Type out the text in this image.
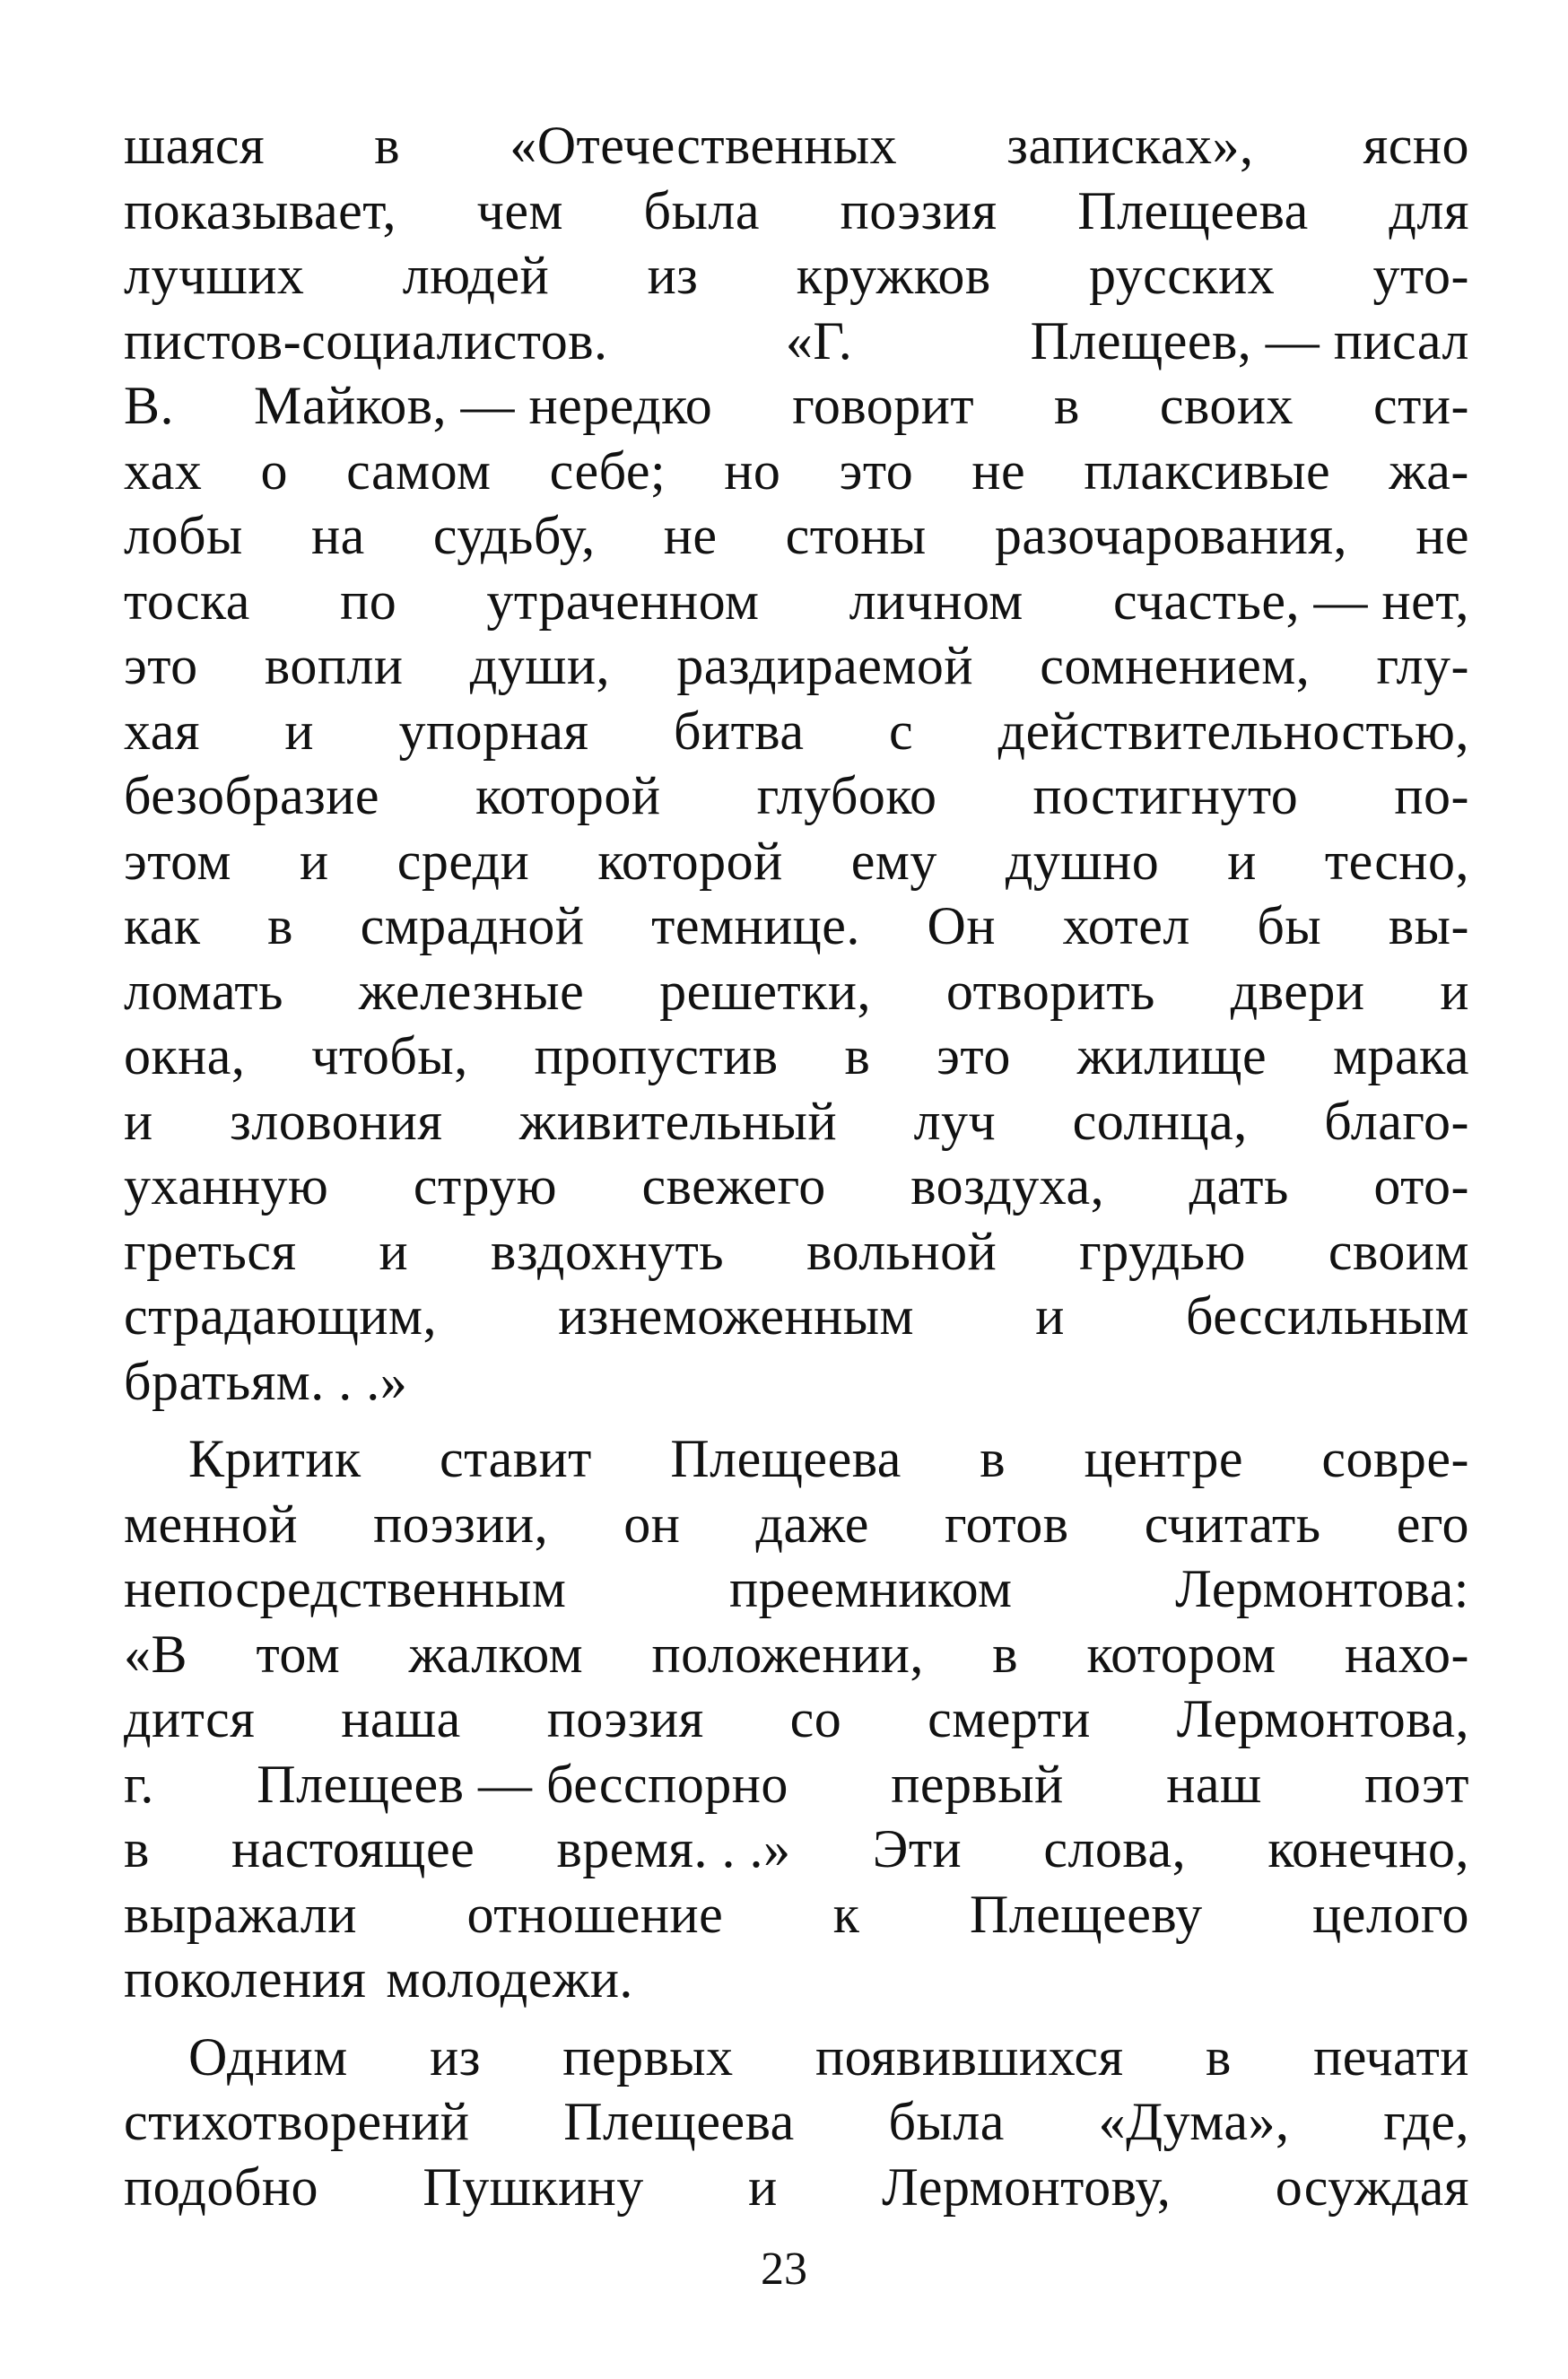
шаяся в «Отечественных записках», ясно
показывает, чем была поэзия Плещеева для
лучших людей из кружков русских уто-
пистов-социалистов.	«Г.	Плещеев, — писал
В. Майков, — нередко говорит в своих сти-
хах о самом себе; но это не плаксивые жа-
лобы на судьбу, не стоны разочарования, не
тоска по утраченном личном счастье, — нет,
это вопли души, раздираемой сомнением, глу-
хая и упорная битва с действительностью,
безобразие которой глубоко постигнуто по-
этом и среди которой ему душно и тесно,
как в смрадной темнице. Он хотел бы вы-
ломать железные решетки, отворить двери и
окна, чтобы, пропустив в это жилище мрака
и зловония живительный луч солнца, благо-
уханную струю свежего воздуха, дать ото-
греться и вздохнуть вольной грудью своим
страдающим, изнеможенным и бессильным
братьям. . .»
Критик ставит Плещеева в центре совре-
менной поэзии, он даже готов считать его
непосредственным	преемником	Лермонтова:
«В том жалком положении, в котором нахо-
дится наша поэзия со смерти Лермонтова,
г. Плещеев — бесспорно первый наш поэт
в настоящее время. . .» Эти слова, конечно,
выражали отношение к Плещееву целого
поколения молодежи.
Одним из первых появившихся в печати
стихотворений Плещеева была «Дума», где,
подобно Пушкину и Лермонтову, осуждая
23
